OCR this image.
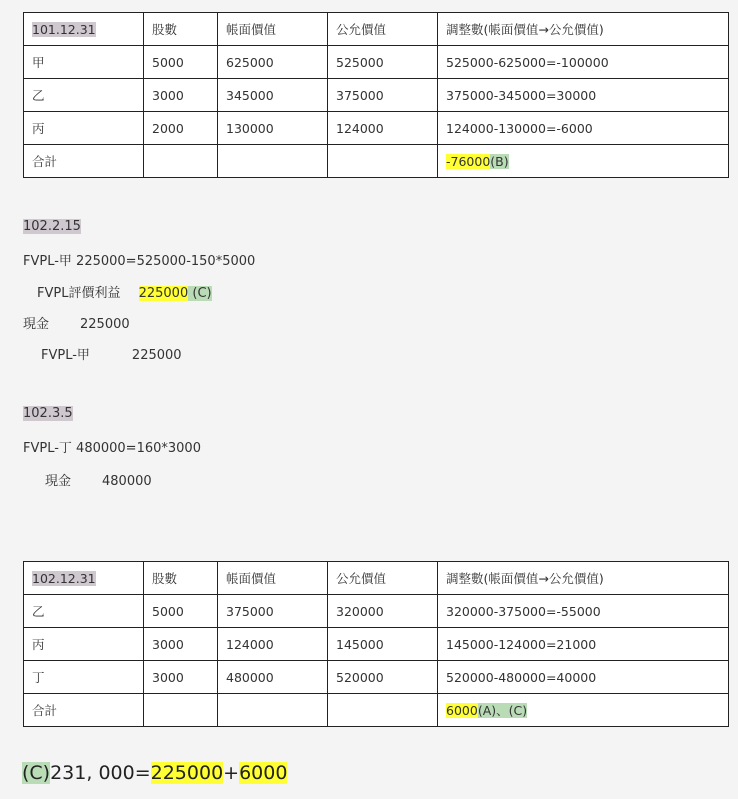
101.12.31	股數	帳面價值	公允價值	調整數(帳面價值→公允價值)
甲	5000	625000	525000	525000-625000=-100000
乙	3000	345000	375000	375000-345000=30000
丙	2000	130000	124000	124000-130000=-6000
合計				-76000(B)
102.2.15
FVPL-甲 225000=525000-150*5000
FVPL評價利益 225000 (C)
現金 225000
FVPL-甲	225000
102.3.5
FVPL-丁 480000=160*3000
現金 480000
102.12.31	股數	帳面價值	公允價值	調整數(帳面價值→公允價值)
乙	5000	375000	320000	320000-375000=-55000
丙	3000	124000	145000	145000-124000=21000
丁	3000	480000	520000	520000-480000=40000
合計				6000(A)、(C)
(C)231, 000=225000+6000
